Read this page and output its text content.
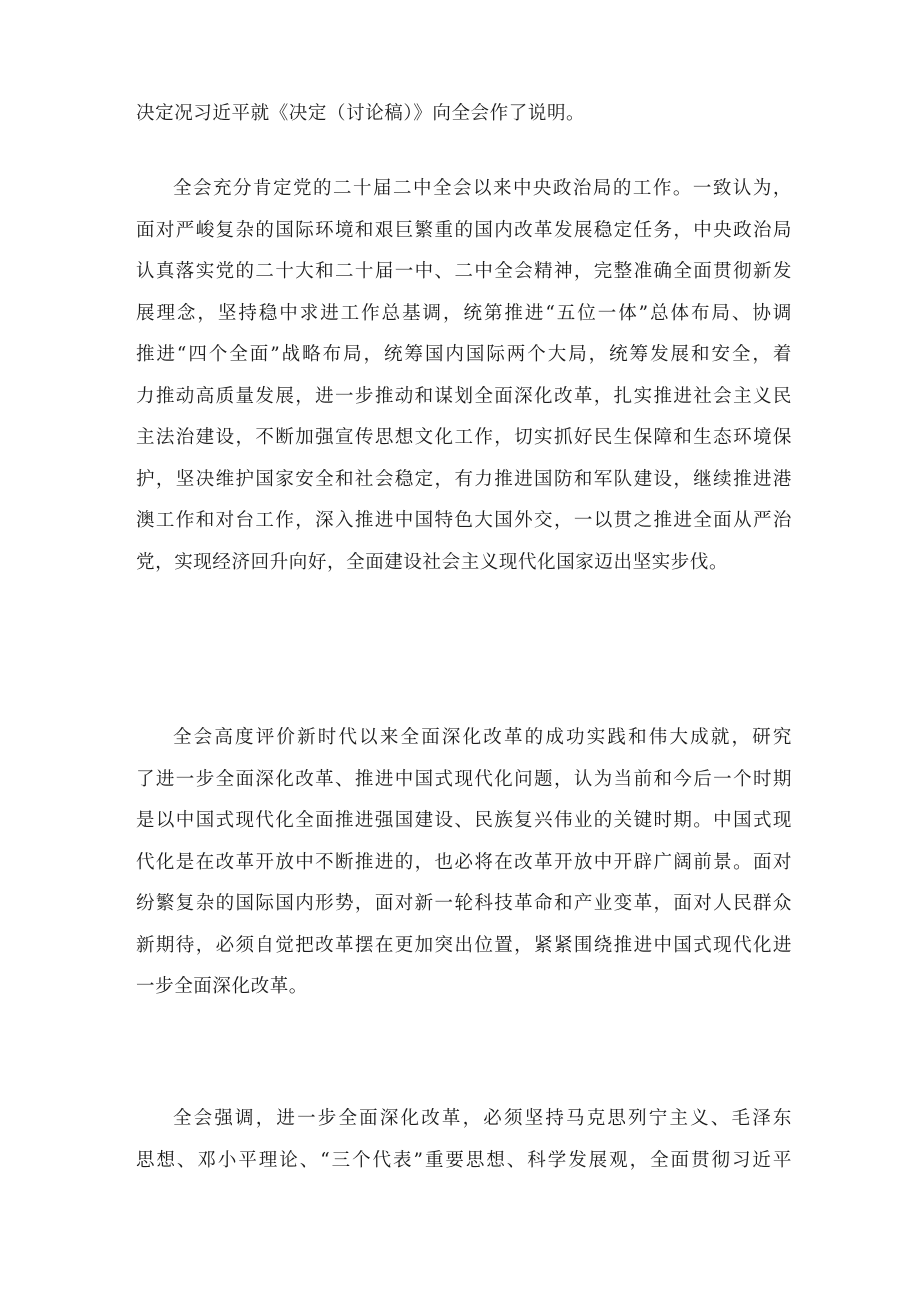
决定况习近平就《决定（讨论稿）》向全会作了说明。

全会充分肯定党的二十届二中全会以来中央政治局的工作。一致认为，
面对严峻复杂的国际环境和艰巨繁重的国内改革发展稳定任务，中央政治局
认真落实党的二十大和二十届一中、二中全会精神，完整准确全面贯彻新发
展理念，坚持稳中求进工作总基调，统第推进“五位一体”总体布局、协调
推进“四个全面”战略布局，统筹国内国际两个大局，统筹发展和安全，着
力推动高质量发展，进一步推动和谋划全面深化改革，扎实推进社会主义民
主法治建设，不断加强宣传思想文化工作，切实抓好民生保障和生态环境保
护，坚决维护国家安全和社会稳定，有力推进国防和军队建设，继续推进港
澳工作和对台工作，深入推进中国特色大国外交，一以贯之推进全面从严治
党，实现经济回升向好，全面建设社会主义现代化国家迈出坚实步伐。

全会高度评价新时代以来全面深化改革的成功实践和伟大成就，研究
了进一步全面深化改革、推进中国式现代化问题，认为当前和今后一个时期
是以中国式现代化全面推进强国建设、民族复兴伟业的关键时期。中国式现
代化是在改革开放中不断推进的，也必将在改革开放中开辟广阔前景。面对
纷繁复杂的国际国内形势，面对新一轮科技革命和产业变革，面对人民群众
新期待，必须自觉把改革摆在更加突出位置，紧紧围绕推进中国式现代化进
一步全面深化改革。

全会强调，进一步全面深化改革，必须坚持马克思列宁主义、毛泽东
思想、邓小平理论、“三个代表”重要思想、科学发展观，全面贯彻习近平
